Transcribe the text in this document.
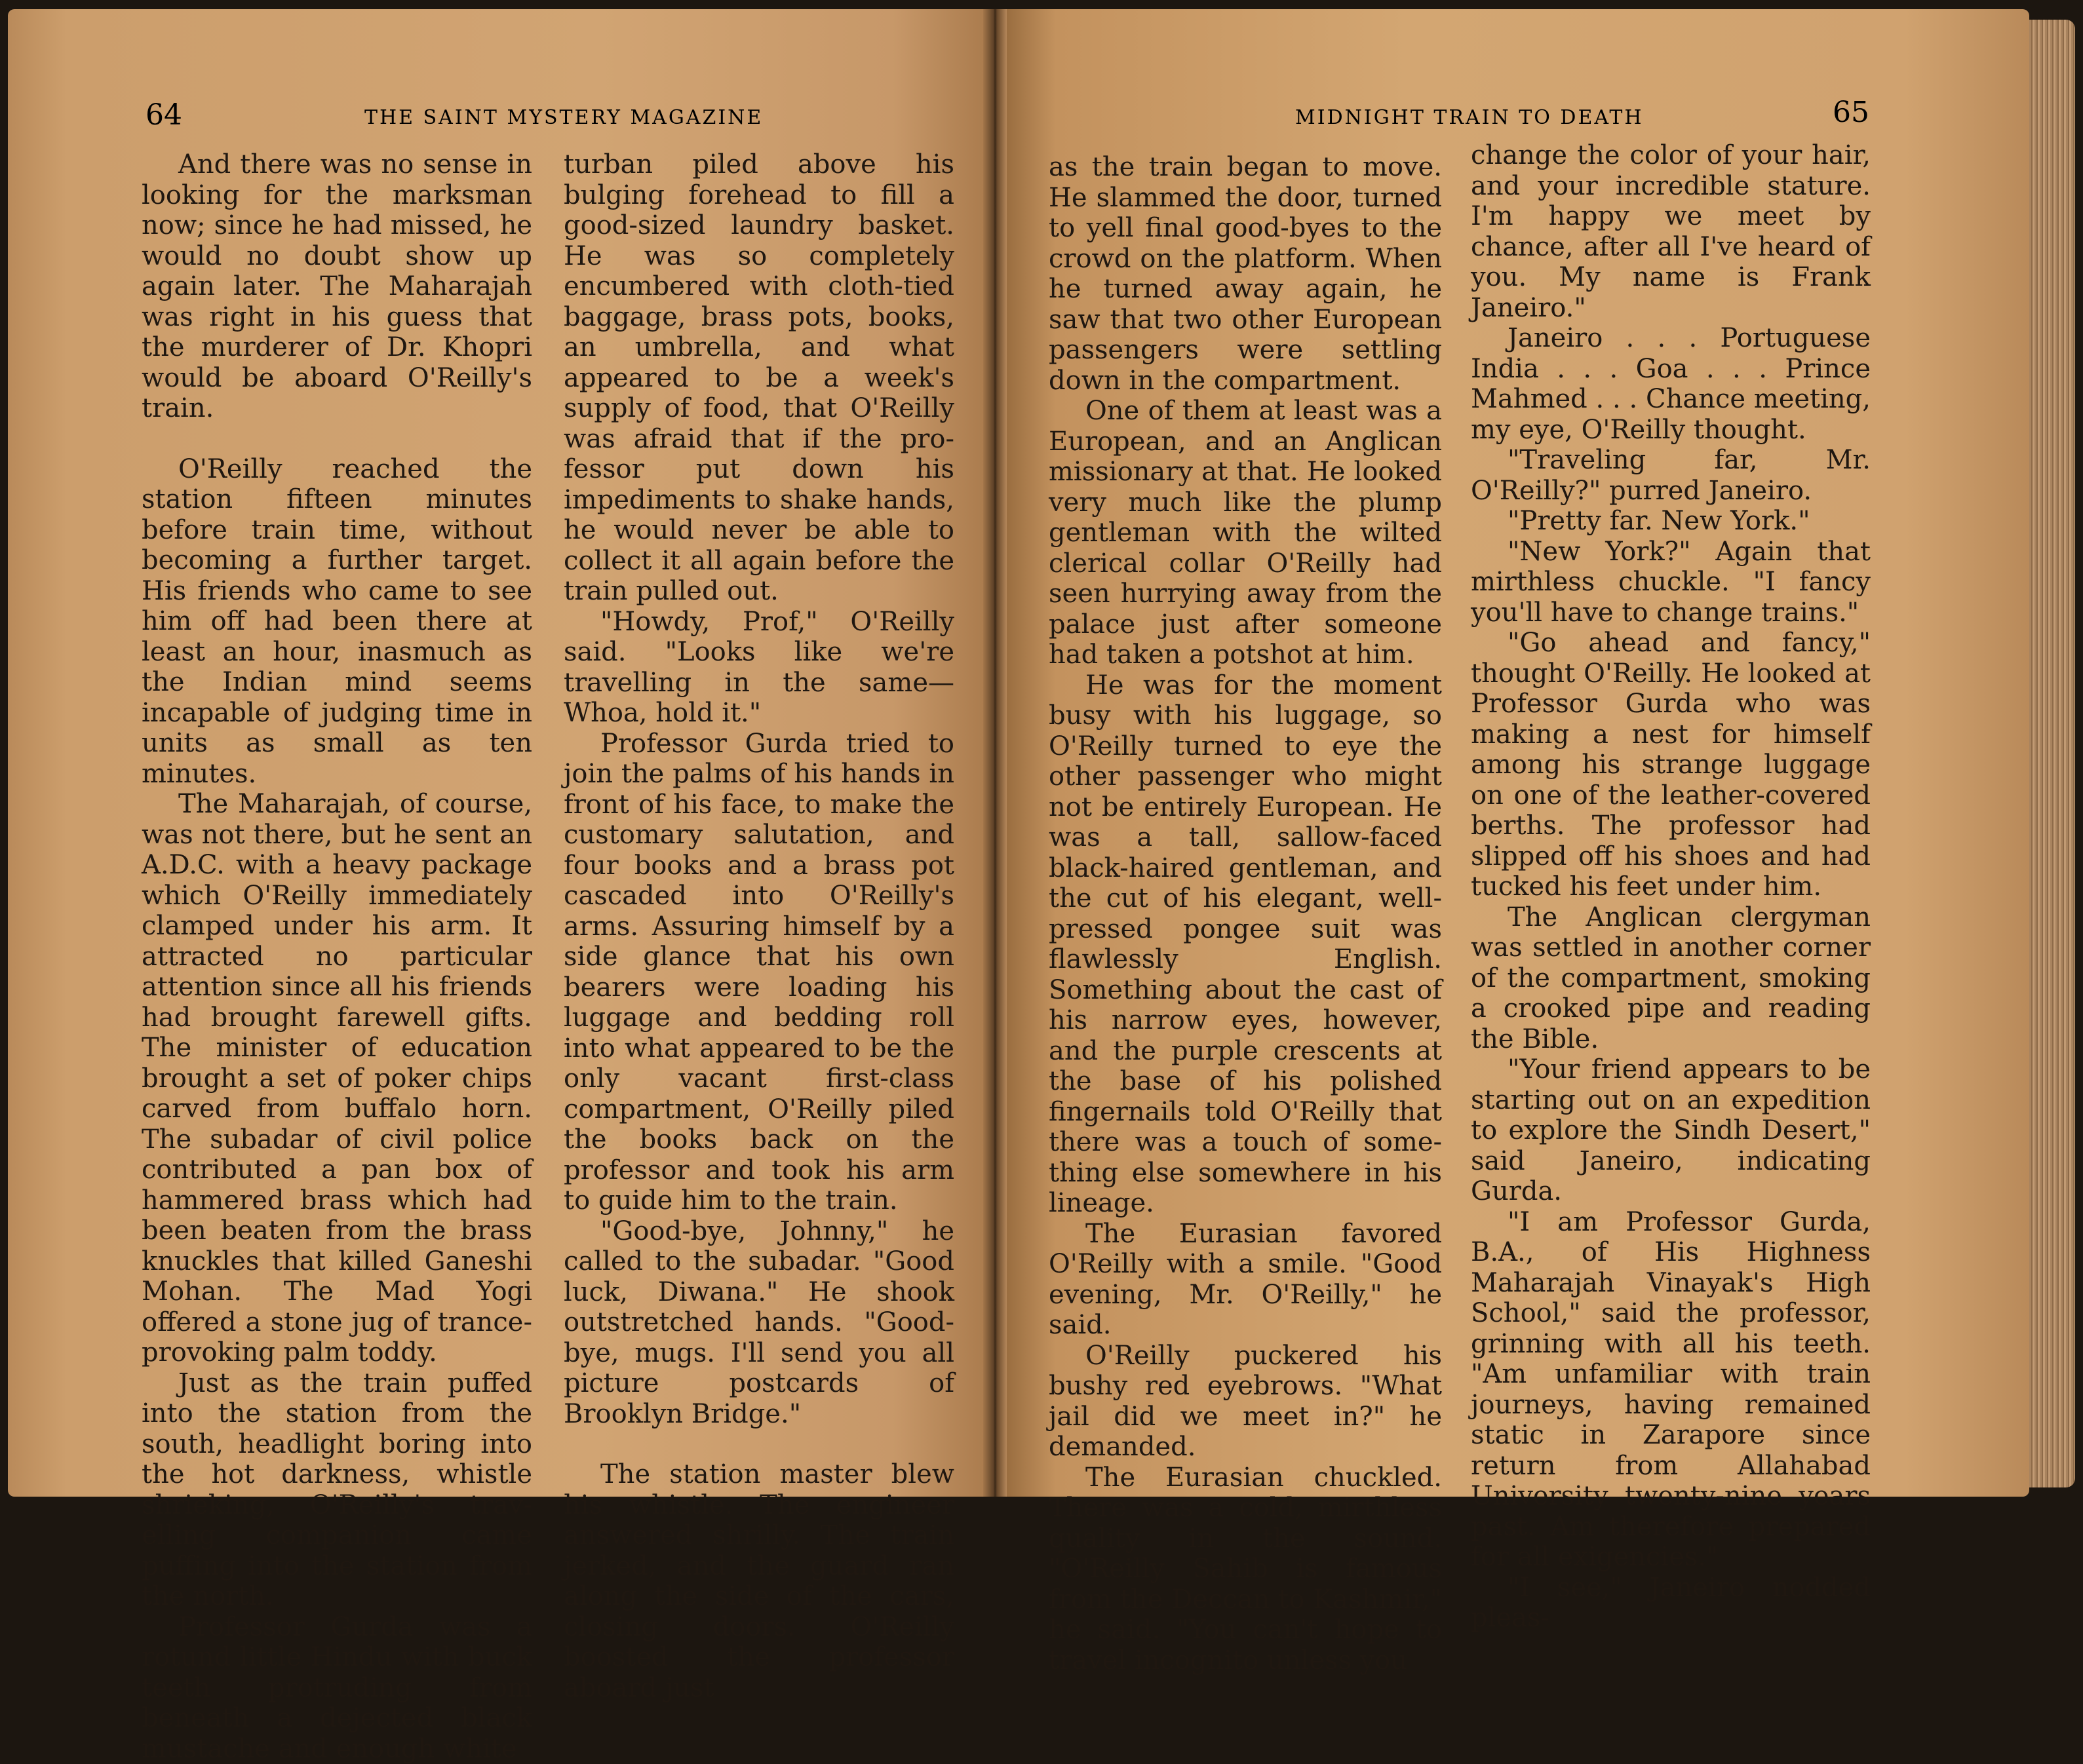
64	THE SAINT MYSTERY MAGAZINE	MIDNIGHT TRAIN TO DEATH	65

And there was no sense in looking for the marksman now; since he had missed, he would no doubt show up again later. The Maharajah was right in his guess that the murderer of Dr. Khopri would be aboard O'Reilly's train.

O'Reilly reached the station fifteen minutes before train time, without becoming a further target. His friends who came to see him off had been there at least an hour, inasmuch as the Indian mind seems incapable of judging time in units as small as ten minutes.

The Maharajah, of course, was not there, but he sent an A.D.C. with a heavy package which O'Reilly immediately clamped under his arm. It attracted no particular attention since all his friends had brought farewell gifts. The minister of education brought a set of poker chips carved from buffalo horn. The subadar of civil police contributed a pan box of hammered brass which had been beaten from the brass knuckles that killed Ganeshi Mohan. The Mad Yogi offered a stone jug of trance-provoking palm toddy.

Just as the train puffed into the station from the south, headlight boring into the hot darkness, whistle shrieking, O'Reilly's travelling companion came puffing into the station from the north.

Professor Gurda was a rotund little Hindu with buck teeth protruding from beneath a dejected black mustache and enough white

turban piled above his bulging forehead to fill a good-sized laundry basket. He was so completely encumbered with cloth-tied baggage, brass pots, books, an umbrella, and what appeared to be a week's supply of food, that O'Reilly was afraid that if the professor put down his impediments to shake hands, he would never be able to collect it all again before the train pulled out.

"Howdy, Prof," O'Reilly said. "Looks like we're travelling in the same— Whoa, hold it."

Professor Gurda tried to join the palms of his hands in front of his face, to make the customary salutation, and four books and a brass pot cascaded into O'Reilly's arms. Assuring himself by a side glance that his own bearers were loading his luggage and bedding roll into what appeared to be the only vacant first-class compartment, O'Reilly piled the books back on the professor and took his arm to guide him to the train.

"Good-bye, Johnny," he called to the subadar. "Good luck, Diwana." He shook outstretched hands. "Good-bye, mugs. I'll send you all picture postcards of Brooklyn Bridge."

The station master blew his whistle. The engineer answered shrilly. The train jerked, and the guard ran along the side of the cars, closing doors. O'Reilly boosted the professor aboard just

as the train began to move. He slammed the door, turned to yell final good-byes to the crowd on the platform. When he turned away again, he saw that two other European passengers were settling down in the compartment.

One of them at least was a European, and an Anglican missionary at that. He looked very much like the plump gentleman with the wilted clerical collar O'Reilly had seen hurrying away from the palace just after someone had taken a potshot at him.

He was for the moment busy with his luggage, so O'Reilly turned to eye the other passenger who might not be entirely European. He was a tall, sallow-faced black-haired gentleman, and the cut of his elegant, well-pressed pongee suit was flawlessly English. Something about the cast of his narrow eyes, however, and the purple crescents at the base of his polished fingernails told O'Reilly that there was a touch of something else somewhere in his lineage.

The Eurasian favored O'Reilly with a smile. "Good evening, Mr. O'Reilly," he said.

O'Reilly puckered his bushy red eyebrows. "What jail did we meet in?" he demanded.

The Eurasian chuckled. There was a cold, mirthless quality in the sound. "O'Reilly Sahib is famous from the Deccan to Kashmir," he said. "You can't hope to travel incognito unless you

change the color of your hair, and your incredible stature. I'm happy we meet by chance, after all I've heard of you. My name is Frank Janeiro."

Janeiro . . . Portuguese India . . . Goa . . . Prince Mahmed . . . Chance meeting, my eye, O'Reilly thought.

"Traveling far, Mr. O'Reilly?" purred Janeiro.

"Pretty far. New York."

"New York?" Again that mirthless chuckle. "I fancy you'll have to change trains."

"Go ahead and fancy," thought O'Reilly. He looked at Professor Gurda who was making a nest for himself among his strange luggage on one of the leather-covered berths. The professor had slipped off his shoes and had tucked his feet under him.

The Anglican clergyman was settled in another corner of the compartment, smoking a crooked pipe and reading the Bible.

"Your friend appears to be starting out on an expedition to explore the Sindh Desert," said Janeiro, indicating Gurda.

"I am Professor Gurda, B.A., of His Highness Maharajah Vinayak's High School," said the professor, grinning with all his teeth. "Am unfamiliar with train journeys, having remained static in Zarapore since return from Allahabad University twenty-nine years past. Am therefore prepared for all exigencies."

"I see," Janeiro nodded pleas-
